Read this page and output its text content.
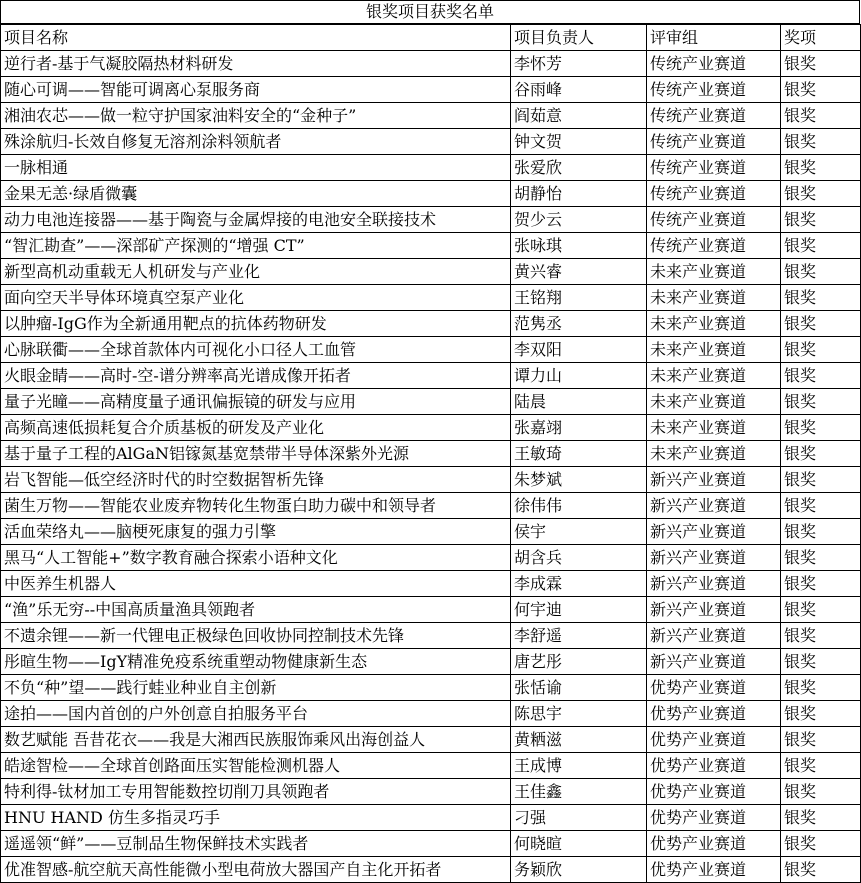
银奖项目获奖名单
项目名称	项目负责人	评审组	奖项
逆行者-基于气凝胶隔热材料研发	李怀芳	传统产业赛道	银奖
随心可调——智能可调离心泵服务商	谷雨峰	传统产业赛道	银奖
湘油农芯——做一粒守护国家油料安全的“金种子”	阎茹意	传统产业赛道	银奖
殊涂航归-长效自修复无溶剂涂料领航者	钟文贺	传统产业赛道	银奖
一脉相通	张爱欣	传统产业赛道	银奖
金果无恙·绿盾微囊	胡静怡	传统产业赛道	银奖
动力电池连接器——基于陶瓷与金属焊接的电池安全联接技术	贺少云	传统产业赛道	银奖
“智汇勘查”——深部矿产探测的“增强 CT”	张咏琪	传统产业赛道	银奖
新型高机动重载无人机研发与产业化	黄兴睿	未来产业赛道	银奖
面向空天半导体环境真空泵产业化	王铭翔	未来产业赛道	银奖
以肿瘤-IgG作为全新通用靶点的抗体药物研发	范隽丞	未来产业赛道	银奖
心脉联衢——全球首款体内可视化小口径人工血管	李双阳	未来产业赛道	银奖
火眼金睛——高时-空-谱分辨率高光谱成像开拓者	谭力山	未来产业赛道	银奖
量子光瞳——高精度量子通讯偏振镜的研发与应用	陆晨	未来产业赛道	银奖
高频高速低损耗复合介质基板的研发及产业化	张嘉翊	未来产业赛道	银奖
基于量子工程的AlGaN铝镓氮基宽禁带半导体深紫外光源	王敏琦	未来产业赛道	银奖
岩飞智能—低空经济时代的时空数据智析先锋	朱梦斌	新兴产业赛道	银奖
菌生万物——智能农业废弃物转化生物蛋白助力碳中和领导者	徐伟伟	新兴产业赛道	银奖
活血荣络丸——脑梗死康复的强力引擎	侯宇	新兴产业赛道	银奖
黑马“人工智能+”数字教育融合探索小语种文化	胡含兵	新兴产业赛道	银奖
中医养生机器人	李成霖	新兴产业赛道	银奖
“渔”乐无穷--中国高质量渔具领跑者	何宇迪	新兴产业赛道	银奖
不遗余锂——新一代锂电正极绿色回收协同控制技术先锋	李舒遥	新兴产业赛道	银奖
彤暄生物——IgY精准免疫系统重塑动物健康新生态	唐艺彤	新兴产业赛道	银奖
不负“种”望——践行蛙业种业自主创新	张恬谕	优势产业赛道	银奖
途拍——国内首创的户外创意自拍服务平台	陈思宇	优势产业赛道	银奖
数艺赋能 吾昔花衣——我是大湘西民族服饰乘风出海创益人	黄粞滋	优势产业赛道	银奖
皓途智检——全球首创路面压实智能检测机器人	王成博	优势产业赛道	银奖
特利得-钛材加工专用智能数控切削刀具领跑者	王佳鑫	优势产业赛道	银奖
HNU HAND 仿生多指灵巧手	刁强	优势产业赛道	银奖
遥遥领“鲜”——豆制品生物保鲜技术实践者	何晓暄	优势产业赛道	银奖
优准智感-航空航天高性能微小型电荷放大器国产自主化开拓者	务颖欣	优势产业赛道	银奖
